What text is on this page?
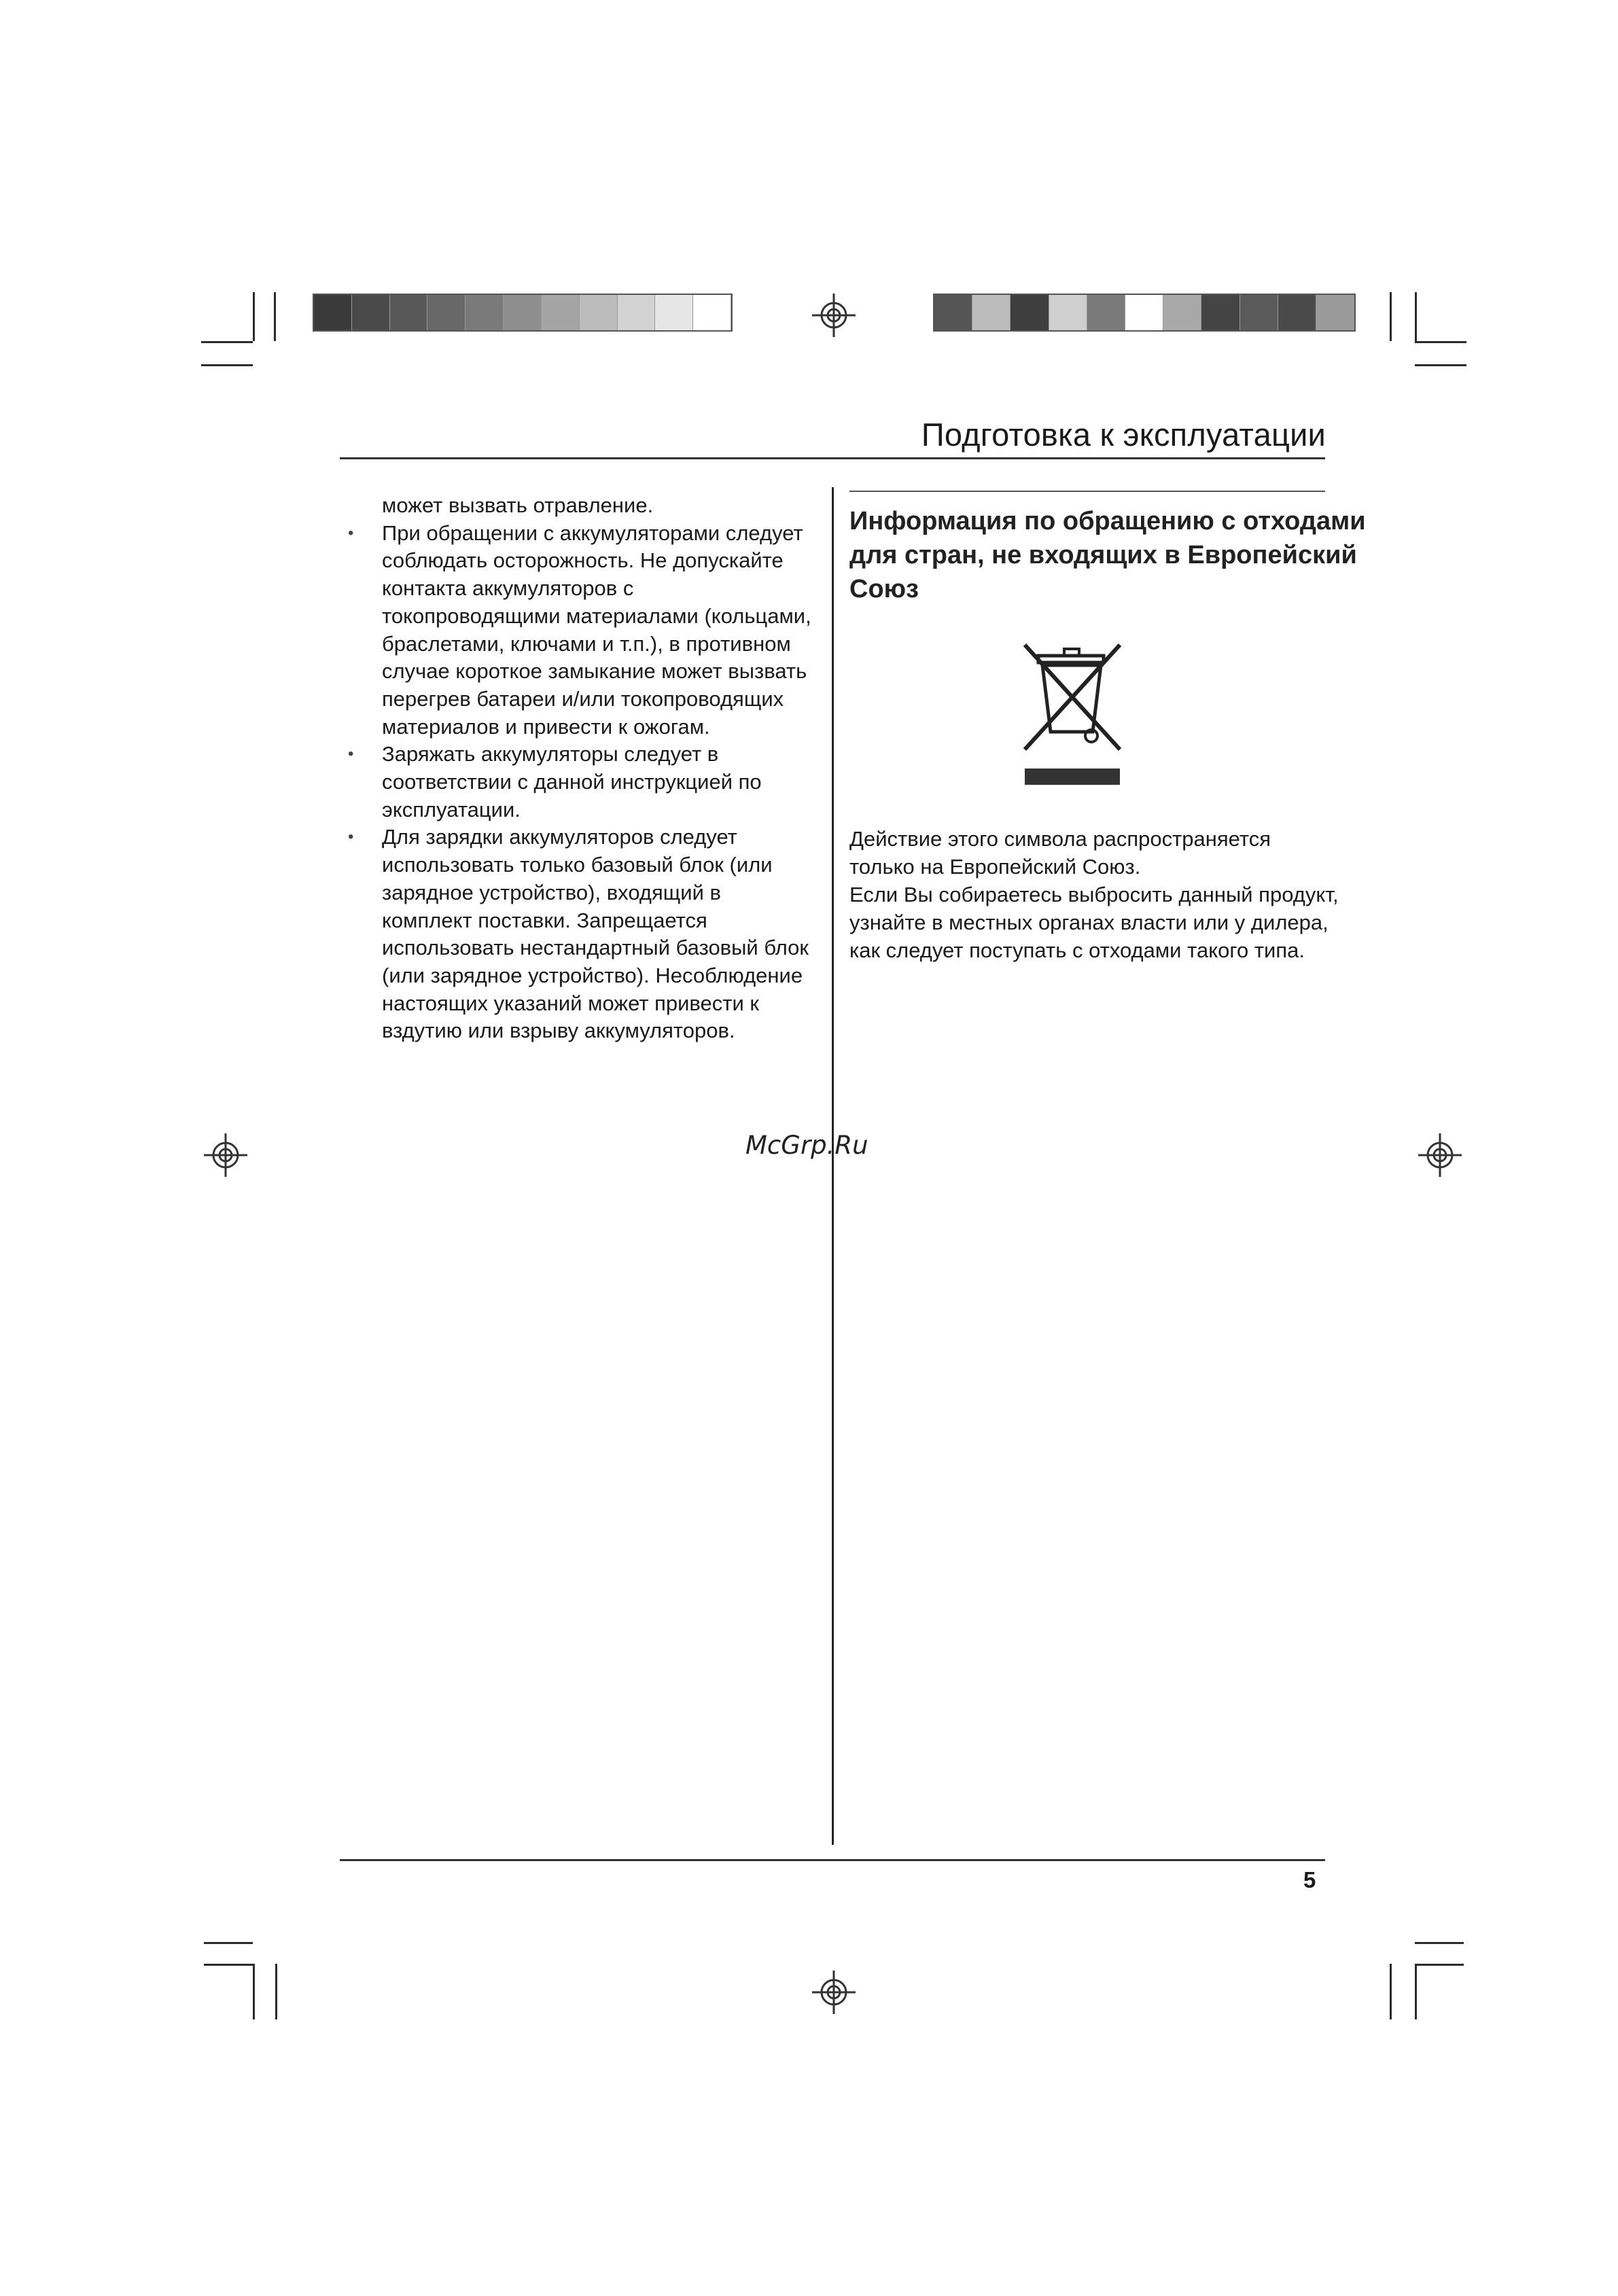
Подготовка к эксплуатации

может вызвать отравление.

• При обращении с аккумуляторами следует соблюдать осторожность. Не допускайте контакта аккумуляторов с токопроводящими материалами (кольцами, браслетами, ключами и т.п.), в противном случае короткое замыкание может вызвать перегрев батареи и/или токопроводящих материалов и привести к ожогам.
• Заряжать аккумуляторы следует в соответствии с данной инструкцией по эксплуатации.
• Для зарядки аккумуляторов следует использовать только базовый блок (или зарядное устройство), входящий в комплект поставки. Запрещается использовать нестандартный базовый блок (или зарядное устройство). Несоблюдение настоящих указаний может привести к вздутию или взрыву аккумуляторов.
Информация по обращению с отходами для стран, не входящих в Европейский Союз

Действие этого символа распространяется только на Европейский Союз.

Если Вы собираетесь выбросить данный продукт, узнайте в местных органах власти или у дилера, как следует поступать с отходами такого типа.

McGrp.Ru
5
